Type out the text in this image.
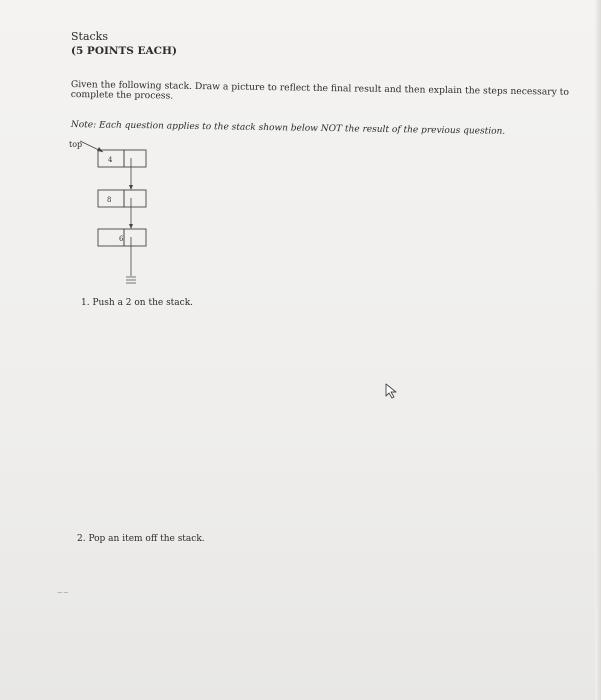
Stacks
(5 POINTS EACH)
Given the following stack. Draw a picture to reflect the final result and then explain the steps necessary to complete the process.
Note: Each question applies to the stack shown below NOT the result of the previous question.
top
4
8
6
1. Push a 2 on the stack.
2. Pop an item off the stack.
~~
